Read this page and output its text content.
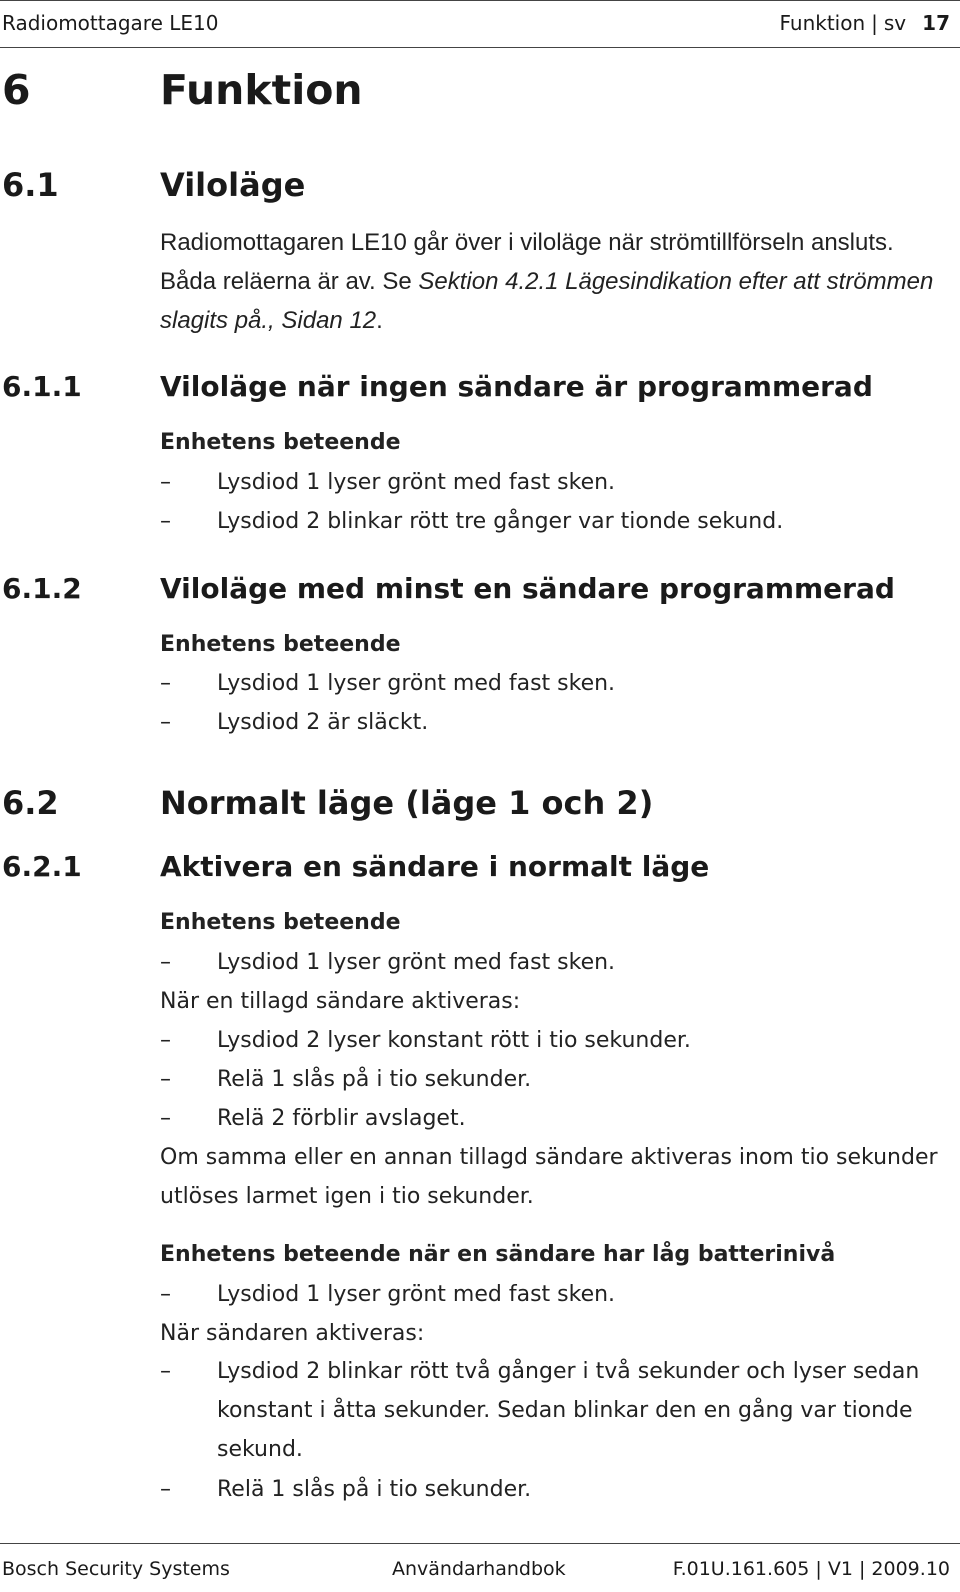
Radiomottagare LE10	Funktion | sv 17
6	Funktion
6.1	Viloläge
Radiomottagaren LE10 går över i viloläge när strömtillförseln ansluts. Båda reläerna är av. Se Sektion 4.2.1 Lägesindikation efter att strömmen slagits på., Sidan 12.
6.1.1	Viloläge när ingen sändare är programmerad
Enhetens beteende
– Lysdiod 1 lyser grönt med fast sken.
– Lysdiod 2 blinkar rött tre gånger var tionde sekund.
6.1.2	Viloläge med minst en sändare programmerad
Enhetens beteende
– Lysdiod 1 lyser grönt med fast sken.
– Lysdiod 2 är släckt.
6.2	Normalt läge (läge 1 och 2)
6.2.1	Aktivera en sändare i normalt läge
Enhetens beteende
– Lysdiod 1 lyser grönt med fast sken.
När en tillagd sändare aktiveras:
– Lysdiod 2 lyser konstant rött i tio sekunder.
– Relä 1 slås på i tio sekunder.
– Relä 2 förblir avslaget.
Om samma eller en annan tillagd sändare aktiveras inom tio sekunder utlöses larmet igen i tio sekunder.
Enhetens beteende när en sändare har låg batterinivå
– Lysdiod 1 lyser grönt med fast sken.
När sändaren aktiveras:
– Lysdiod 2 blinkar rött två gånger i två sekunder och lyser sedan konstant i åtta sekunder. Sedan blinkar den en gång var tionde sekund.
– Relä 1 slås på i tio sekunder.
Bosch Security Systems	Användarhandbok	F.01U.161.605 | V1 | 2009.10
